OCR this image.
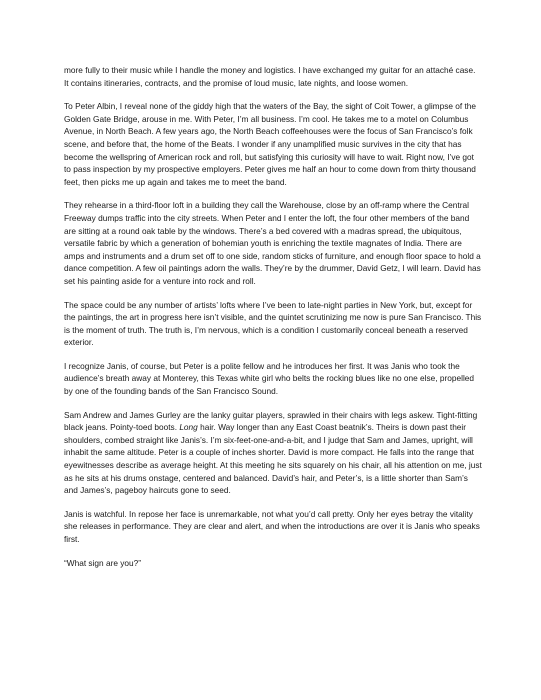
more fully to their music while I handle the money and logistics. I have exchanged my guitar for an attaché case. It contains itineraries, contracts, and the promise of loud music, late nights, and loose women.

To Peter Albin, I reveal none of the giddy high that the waters of the Bay, the sight of Coit Tower, a glimpse of the Golden Gate Bridge, arouse in me. With Peter, I’m all business. I’m cool. He takes me to a motel on Columbus Avenue, in North Beach. A few years ago, the North Beach coffeehouses were the focus of San Francisco’s folk scene, and before that, the home of the Beats. I wonder if any unamplified music survives in the city that has become the wellspring of American rock and roll, but satisfying this curiosity will have to wait. Right now, I’ve got to pass inspection by my prospective employers. Peter gives me half an hour to come down from thirty thousand feet, then picks me up again and takes me to meet the band.

They rehearse in a third-floor loft in a building they call the Warehouse, close by an off-ramp where the Central Freeway dumps traffic into the city streets. When Peter and I enter the loft, the four other members of the band are sitting at a round oak table by the windows. There’s a bed covered with a madras spread, the ubiquitous, versatile fabric by which a generation of bohemian youth is enriching the textile magnates of India. There are amps and instruments and a drum set off to one side, random sticks of furniture, and enough floor space to hold a dance competition. A few oil paintings adorn the walls. They’re by the drummer, David Getz, I will learn. David has set his painting aside for a venture into rock and roll.

The space could be any number of artists’ lofts where I’ve been to late-night parties in New York, but, except for the paintings, the art in progress here isn’t visible, and the quintet scrutinizing me now is pure San Francisco. This is the moment of truth. The truth is, I’m nervous, which is a condition I customarily conceal beneath a reserved exterior.

I recognize Janis, of course, but Peter is a polite fellow and he introduces her first. It was Janis who took the audience’s breath away at Monterey, this Texas white girl who belts the rocking blues like no one else, propelled by one of the founding bands of the San Francisco Sound.

Sam Andrew and James Gurley are the lanky guitar players, sprawled in their chairs with legs askew. Tight-fitting black jeans. Pointy-toed boots. Long hair. Way longer than any East Coast beatnik’s. Theirs is down past their shoulders, combed straight like Janis’s. I’m six-feet-one-and-a-bit, and I judge that Sam and James, upright, will inhabit the same altitude. Peter is a couple of inches shorter. David is more compact. He falls into the range that eyewitnesses describe as average height. At this meeting he sits squarely on his chair, all his attention on me, just as he sits at his drums onstage, centered and balanced. David’s hair, and Peter’s, is a little shorter than Sam’s and James’s, pageboy haircuts gone to seed.

Janis is watchful. In repose her face is unremarkable, not what you’d call pretty. Only her eyes betray the vitality she releases in performance. They are clear and alert, and when the introductions are over it is Janis who speaks first.

“What sign are you?”
